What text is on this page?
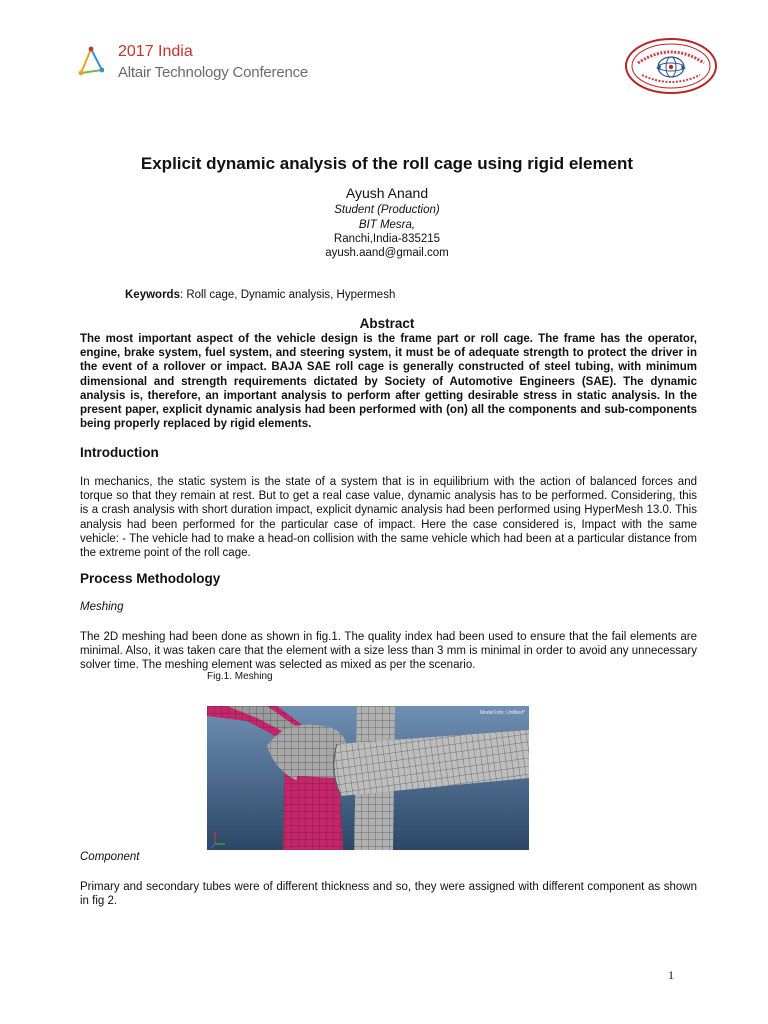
2017 India
Altair Technology Conference
Explicit dynamic analysis of the roll cage using rigid element
Ayush Anand
Student (Production)
BIT Mesra,
Ranchi,India-835215
ayush.aand@gmail.com
Keywords: Roll cage, Dynamic analysis, Hypermesh
Abstract
The most important aspect of the vehicle design is the frame part or roll cage. The frame has the operator, engine, brake system, fuel system, and steering system, it must be of adequate strength to protect the driver in the event of a rollover or impact. BAJA SAE roll cage is generally constructed of steel tubing, with minimum dimensional and strength requirements dictated by Society of Automotive Engineers (SAE). The dynamic analysis is, therefore, an important analysis to perform after getting desirable stress in static analysis. In the present paper, explicit dynamic analysis had been performed with (on) all the components and sub-components being properly replaced by rigid elements.
Introduction
In mechanics, the static system is the state of a system that is in equilibrium with the action of balanced forces and torque so that they remain at rest. But to get a real case value, dynamic analysis has to be performed. Considering, this is a crash analysis with short duration impact, explicit dynamic analysis had been performed using HyperMesh 13.0. This analysis had been performed for the particular case of impact. Here the case considered is, Impact with the same vehicle: - The vehicle had to make a head-on collision with the same vehicle which had been at a particular distance from the extreme point of the roll cage.
Process Methodology
Meshing
The 2D meshing had been done as shown in fig.1. The quality index had been used to ensure that the fail elements are minimal. Also, it was taken care that the element with a size less than 3 mm is minimal in order to avoid any unnecessary solver time. The meshing element was selected as mixed as per the scenario.
Fig.1. Meshing
Model Info: Untitled*
Component
Primary and secondary tubes were of different thickness and so, they were assigned with different component as shown in fig 2.
1
